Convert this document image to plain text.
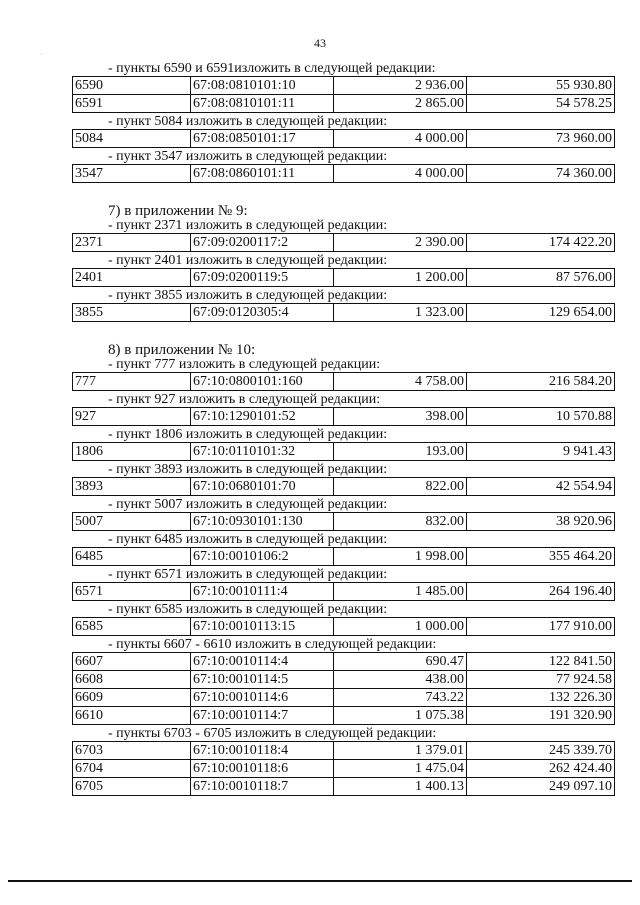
43
·
- пункты 6590 и 6591изложить в следующей редакции:
6590	67:08:0810101:10	2 936.00	55 930.80
6591	67:08:0810101:11	2 865.00	54 578.25
- пункт 5084 изложить в следующей редакции:
5084	67:08:0850101:17	4 000.00	73 960.00
- пункт 3547 изложить в следующей редакции:
3547	67:08:0860101:11	4 000.00	74 360.00
7) в приложении № 9:
- пункт 2371 изложить в следующей редакции:
2371	67:09:0200117:2	2 390.00	174 422.20
- пункт 2401 изложить в следующей редакции:
2401	67:09:0200119:5	1 200.00	87 576.00
- пункт 3855 изложить в следующей редакции:
3855	67:09:0120305:4	1 323.00	129 654.00
8) в приложении № 10:
- пункт 777 изложить в следующей редакции:
777	67:10:0800101:160	4 758.00	216 584.20
- пункт 927 изложить в следующей редакции:
927	67:10:1290101:52	398.00	10 570.88
- пункт 1806 изложить в следующей редакции:
1806	67:10:0110101:32	193.00	9 941.43
- пункт 3893 изложить в следующей редакции:
3893	67:10:0680101:70	822.00	42 554.94
- пункт 5007 изложить в следующей редакции:
5007	67:10:0930101:130	832.00	38 920.96
- пункт 6485 изложить в следующей редакции:
6485	67:10:0010106:2	1 998.00	355 464.20
- пункт 6571 изложить в следующей редакции:
6571	67:10:0010111:4	1 485.00	264 196.40
- пункт 6585 изложить в следующей редакции:
6585	67:10:0010113:15	1 000.00	177 910.00
- пункты 6607 - 6610 изложить в следующей редакции:
6607	67:10:0010114:4	690.47	122 841.50
6608	67:10:0010114:5	438.00	77 924.58
6609	67:10:0010114:6	743.22	132 226.30
6610	67:10:0010114:7	1 075.38	191 320.90
- пункты 6703 - 6705 изложить в следующей редакции:
6703	67:10:0010118:4	1 379.01	245 339.70
6704	67:10:0010118:6	1 475.04	262 424.40
6705	67:10:0010118:7	1 400.13	249 097.10
